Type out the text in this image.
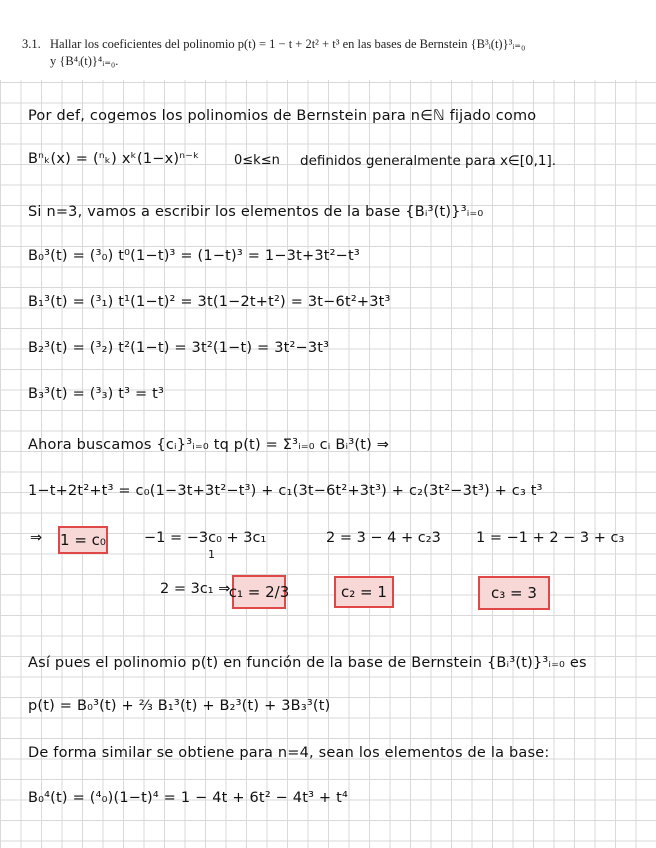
3.1. Hallar los coeficientes del polinomio p(t) = 1 − t + 2t² + t³ en las bases de Bernstein {B³ᵢ(t)}³ᵢ₌₀
y {B⁴ᵢ(t)}⁴ᵢ₌₀.
Por def, cogemos los polinomios de Bernstein para n∈ℕ fijado como
Bⁿₖ(x) = (ⁿₖ) xᵏ(1−x)ⁿ⁻ᵏ	0≤k≤n definidos generalmente para x∈[0,1].
Si n=3, vamos a escribir los elementos de la base {Bᵢ³(t)}³ᵢ₌₀
B₀³(t) = (³₀) t⁰(1−t)³ = (1−t)³ = 1−3t+3t²−t³
B₁³(t) = (³₁) t¹(1−t)² = 3t(1−2t+t²) = 3t−6t²+3t³
B₂³(t) = (³₂) t²(1−t) = 3t²(1−t) = 3t²−3t³
B₃³(t) = (³₃) t³ = t³
Ahora buscamos {cᵢ}³ᵢ₌₀ tq p(t) = Σ³ᵢ₌₀ cᵢ Bᵢ³(t) ⇒
1−t+2t²+t³ = c₀(1−3t+3t²−t³) + c₁(3t−6t²+3t³) + c₂(3t²−3t³) + c₃ t³
⇒ 1 = c₀	−1 = −3c₀ + 3c₁
1
2 = 3 − 4 + c₂3 1 = −1 + 2 − 3 + c₃
2 = 3c₁ ⇒
c₁ = 2/3	c₂ = 1	c₃ = 3
Así pues el polinomio p(t) en función de la base de Bernstein {Bᵢ³(t)}³ᵢ₌₀ es
p(t) = B₀³(t) + ⅔ B₁³(t) + B₂³(t) + 3B₃³(t)
De forma similar se obtiene para n=4, sean los elementos de la base:
B₀⁴(t) = (⁴₀)(1−t)⁴ = 1 − 4t + 6t² − 4t³ + t⁴
